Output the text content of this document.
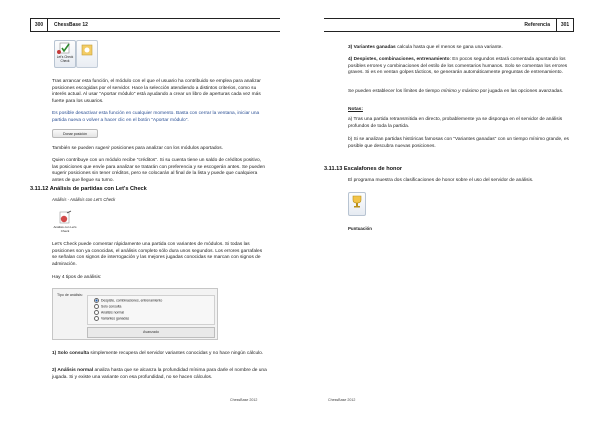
300	ChessBase 12
Let's Check
Check
Tras arrancar esta función, el módulo con el que el usuario ha contribuido se emplea para analizar posiciones escogidas por el servidor. Hace la selección atendiendo a distintos criterios, como su interés actual. Al usar "Aportar módulo" está ayudando a crear un libro de aperturas cada vez más fuerte para los usuarios.
Es posible desactivar esta función en cualquier momento. Basta con cerrar la ventana, iniciar una partida nueva o volver a hacer clic en el botón "Aportar módulo".
Donar posición
También se pueden sugerir posiciones para analizar con los módulos aportados.
Quien contribuye con un módulo recibe "créditos". Si su cuenta tiene un saldo de créditos positivo, las posiciones que envíe para analizar se tratarán con preferencia y se escogerán antes. Se pueden sugerir posiciones sin tener créditos, pero se colocarán al final de la lista y puede que cualquiera antes de que llegue su turno.
3.11.12 Análisis de partidas con Let's Check
Análisis - Análisis con Let's Check
Análisis con Let's Check
Let's Check puede comentar rápidamente una partida con variantes de módulos. Si todas las posiciones son ya conocidas, el análisis completo sólo dura unos segundos. Los errores garrafales se señalan con signos de interrogación y las mejores jugadas conocidas se marcan con signos de admiración.
Hay 4 tipos de análisis:
Tipo de análisis:
Despiste, combinaciones, entrenamiento
Solo consulta
Análisis normal
Variantes ganadas
Avanzado
1) Solo consulta simplemente recupera del servidor variantes conocidas y no hace ningún cálculo.
2) Análisis normal analiza hasta que se alcanza la profundidad mínima para darle el nombre de una jugada. Si y existe una variante con esa profundidad, no se hacen cálculos.
ChessBase 2012
Referencia	301
3) Variantes ganadas calcula hasta que el menos se gana una variante.
4) Despistes, combinaciones, entrenamiento: En pocos segundos estará comentada apuntando los posibles errores y combinaciones del estilo de los comentarios humanos. Solo se comentan los errores graves. Si es en ventan golpes tácticos, se generarán automáticamente preguntas de entrenamiento.
Se pueden establecer los límites de tiempo mínimo y máximo por jugada en las opciones avanzadas.
Notas:
a) Tras una partida retransmitida en directo, probablemente ya se disponga en el servidor de análisis profundos de toda la partida.
b) Si se analizan partidas históricas famosas con "Variantes ganadas" con un tiempo mínimo grande, es posible que descubra nuevas posiciones.
3.11.13 Escalafones de honor
El programa muestra dos clasificaciones de honor sobre el uso del servidor de análisis.
Puntuación
ChessBase 2012
